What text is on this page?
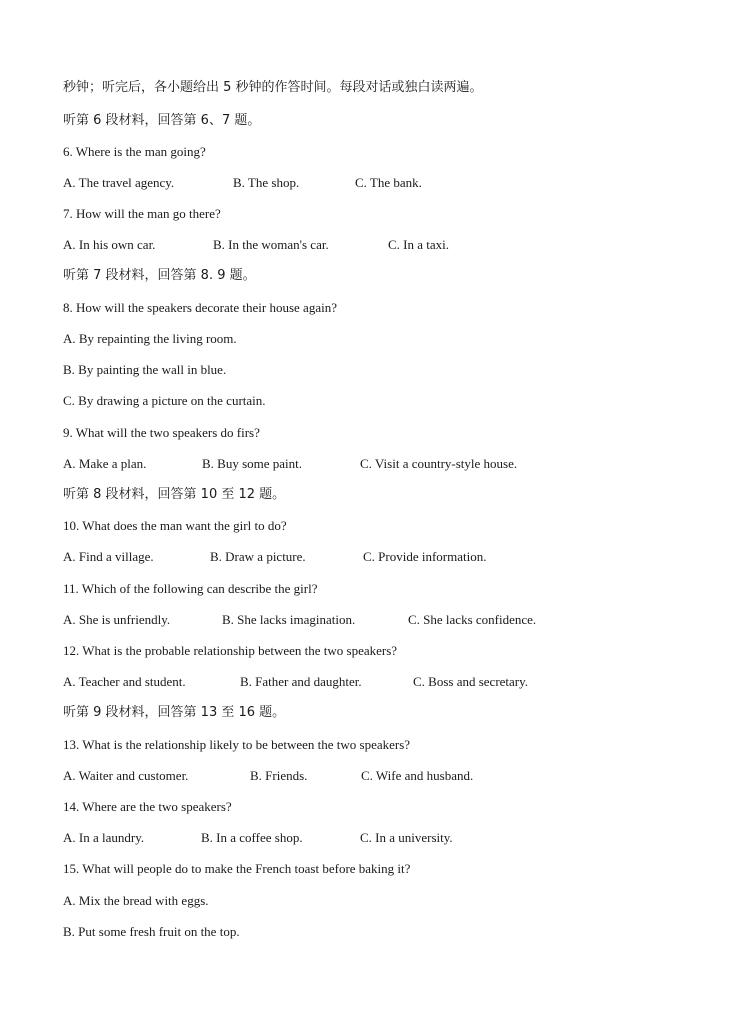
秒钟；听完后，各小题给出 5 秒钟的作答时间。每段对话或独白读两遍。
听第 6 段材料，回答第 6、7 题。
6. Where is the man going?
A. The travel agency.	B. The shop.	C. The bank.
7. How will the man go there?
A. In his own car.	B. In the woman's car.	C. In a taxi.
听第 7 段材料，回答第 8. 9 题。
8. How will the speakers decorate their house again?
A. By repainting the living room.
B. By painting the wall in blue.
C. By drawing a picture on the curtain.
9. What will the two speakers do firs?
A. Make a plan.	B. Buy some paint.	C. Visit a country-style house.
听第 8 段材料，回答第 10 至 12 题。
10. What does the man want the girl to do?
A. Find a village.	B. Draw a picture.	C. Provide information.
11. Which of the following can describe the girl?
A. She is unfriendly.	B. She lacks imagination.	C. She lacks confidence.
12. What is the probable relationship between the two speakers?
A. Teacher and student.	B. Father and daughter.	C. Boss and secretary.
听第 9 段材料，回答第 13 至 16 题。
13. What is the relationship likely to be between the two speakers?
A. Waiter and customer.	B. Friends.	C. Wife and husband.
14. Where are the two speakers?
A. In a laundry.	B. In a coffee shop.	C. In a university.
15. What will people do to make the French toast before baking it?
A. Mix the bread with eggs.
B. Put some fresh fruit on the top.
